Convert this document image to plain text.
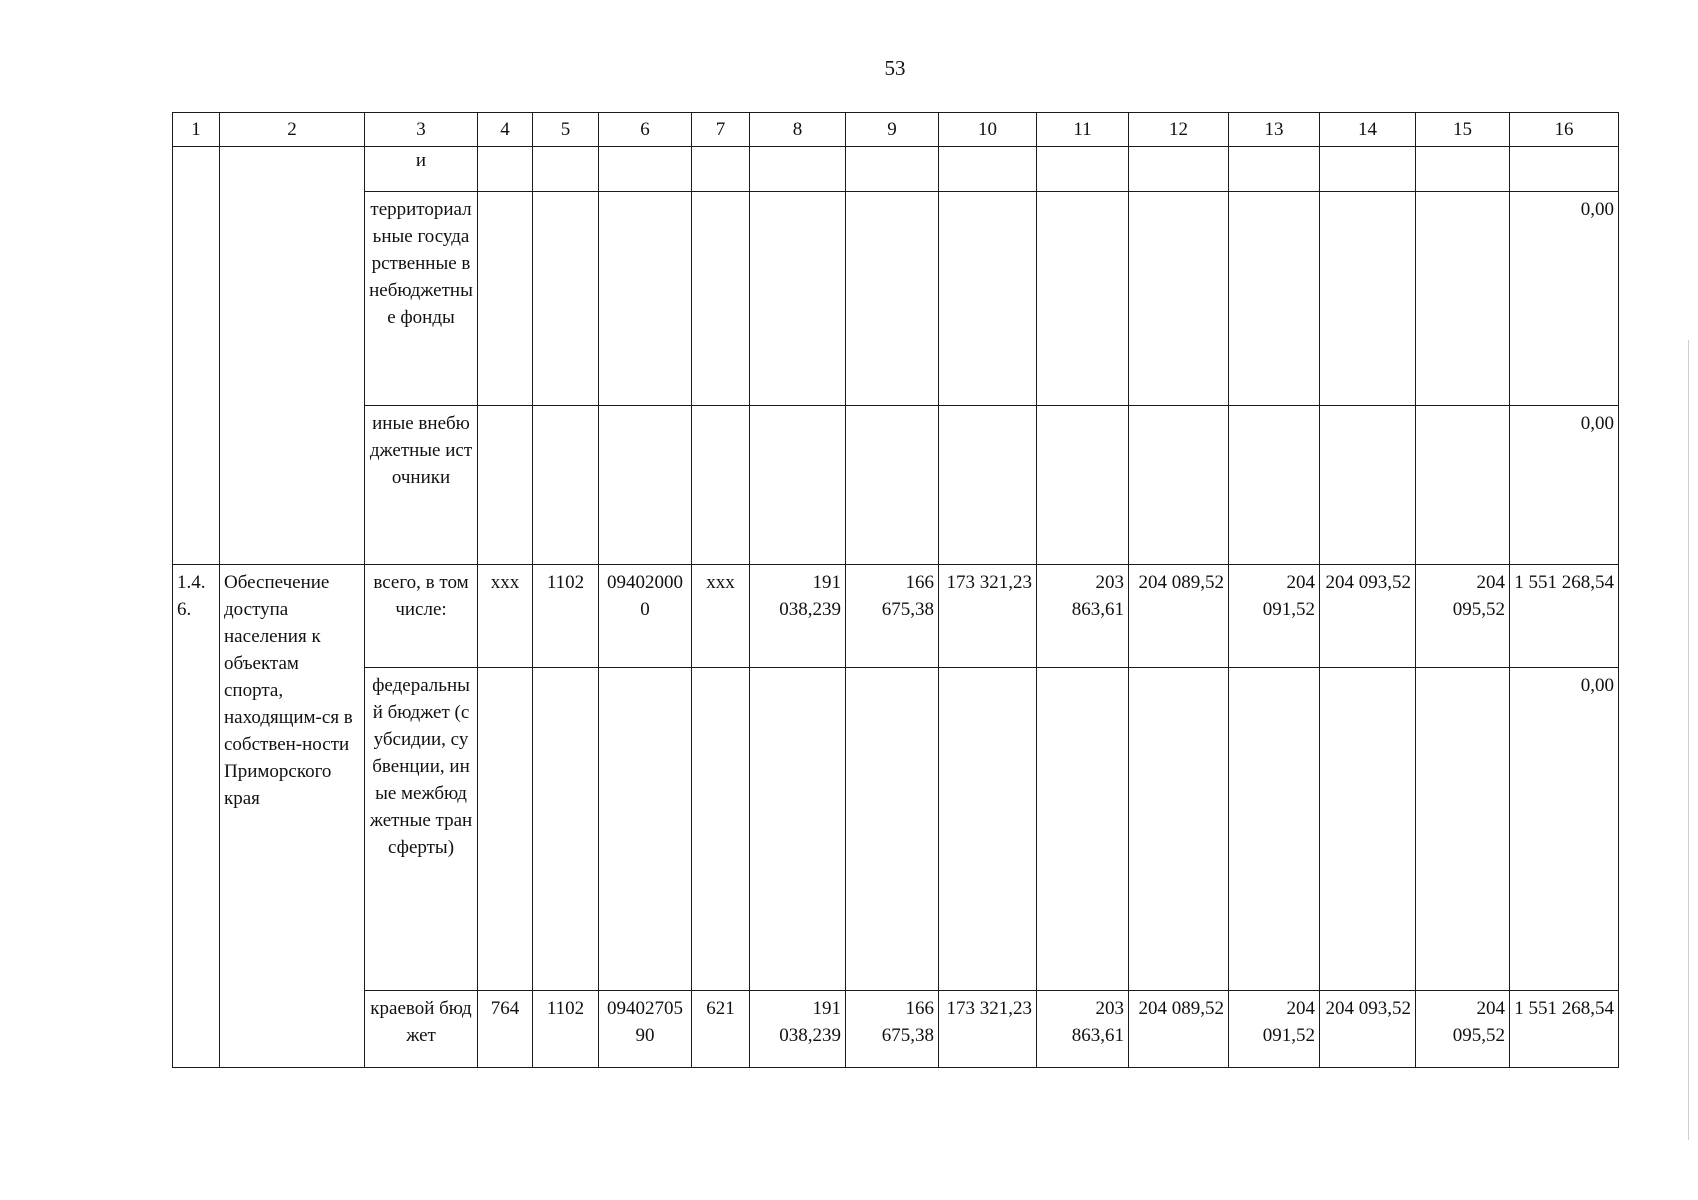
53
1	2	3	4	5	6	7	8	9	10	11	12	13	14	15	16
		и													
		территориальные государственные внебюджетные фонды													0,00
		иные внебюджетные источники													0,00
1.4.6.	Обеспечение доступа населения к объектам спорта, находящим-ся в собствен-ности Приморского края	всего, в том числе:	ххх	1102	094020000	ххх	191 038,239	166 675,38	173 321,23	203 863,61	204 089,52	204 091,52	204 093,52	204 095,52	1 551 268,54
		федеральный бюджет (субсидии, субвенции, иные межбюджетные трансферты)													0,00
		краевой бюджет	764	1102	0940270590	621	191 038,239	166 675,38	173 321,23	203 863,61	204 089,52	204 091,52	204 093,52	204 095,52	1 551 268,54
